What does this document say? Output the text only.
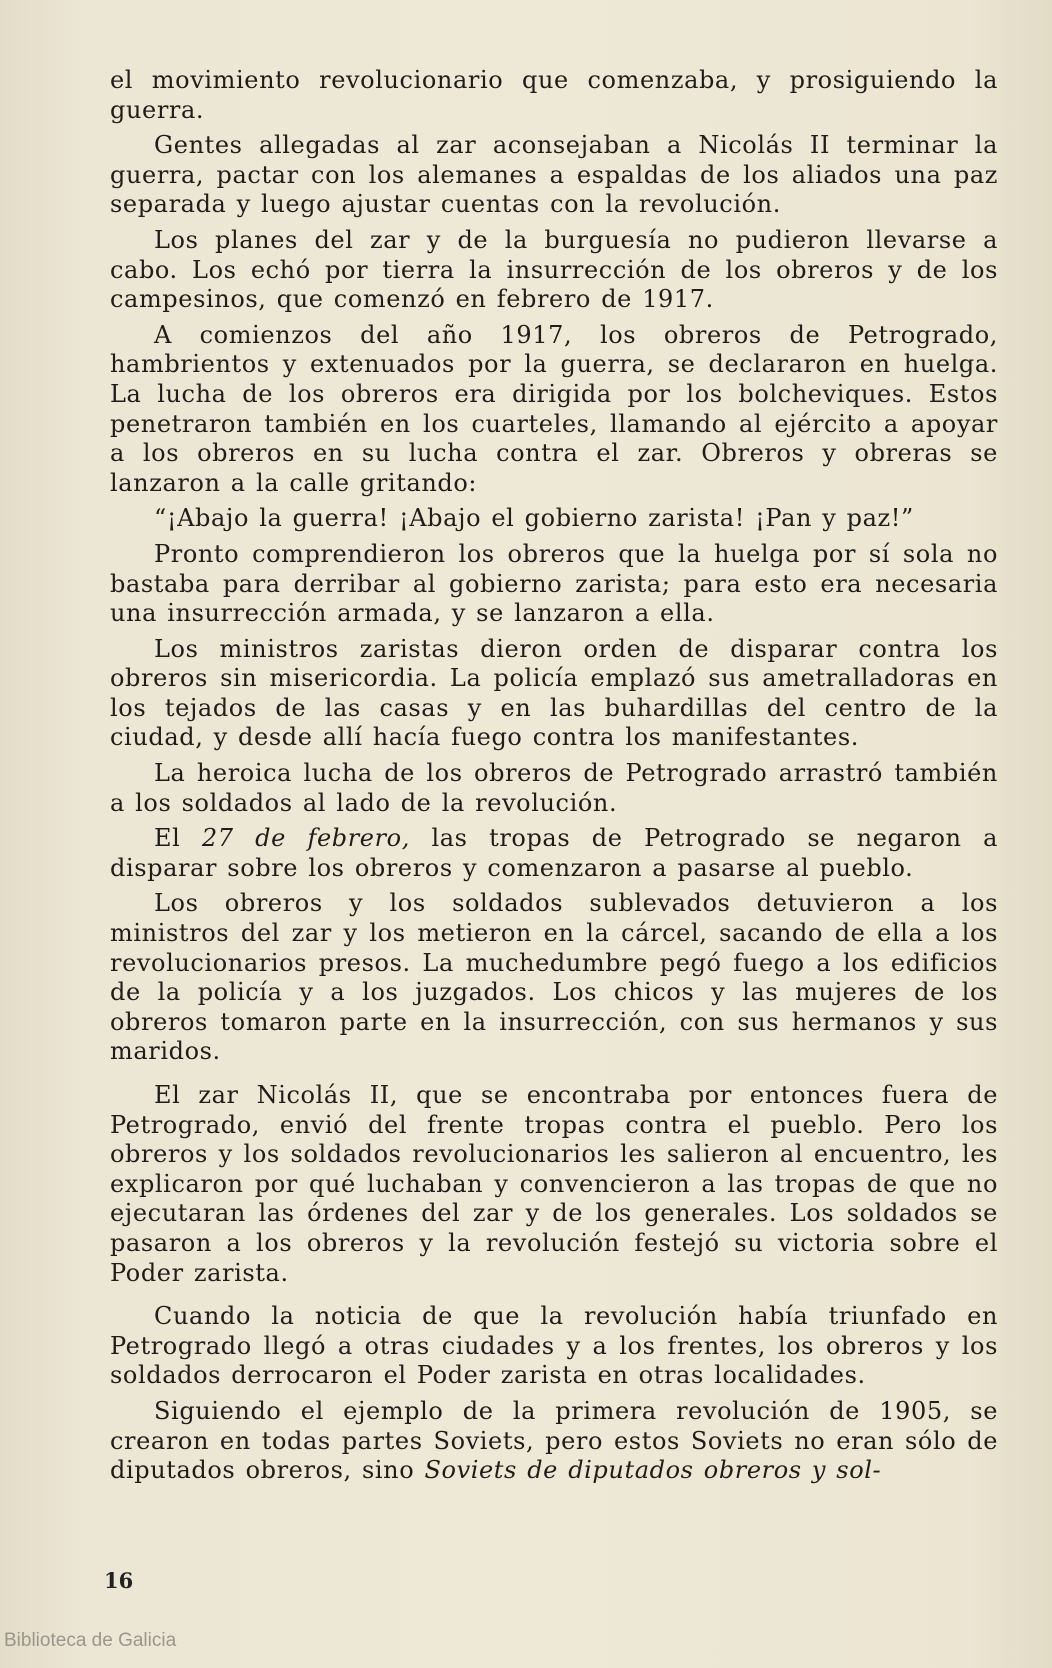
el movimiento revolucionario que comenzaba, y prosiguiendo la guerra.

Gentes allegadas al zar aconsejaban a Nicolás II terminar la guerra, pactar con los alemanes a espaldas de los aliados una paz separada y luego ajustar cuentas con la revolución.

Los planes del zar y de la burguesía no pudieron llevarse a cabo. Los echó por tierra la insurrección de los obreros y de los campesinos, que comenzó en febrero de 1917.

A comienzos del año 1917, los obreros de Petrogrado, hambrientos y extenuados por la guerra, se declararon en huelga. La lucha de los obreros era dirigida por los bolcheviques. Estos penetraron también en los cuarteles, llamando al ejército a apoyar a los obreros en su lucha contra el zar. Obreros y obreras se lanzaron a la calle gritando:

“¡Abajo la guerra! ¡Abajo el gobierno zarista! ¡Pan y paz!”

Pronto comprendieron los obreros que la huelga por sí sola no bastaba para derribar al gobierno zarista; para esto era necesaria una insurrección armada, y se lanzaron a ella.

Los ministros zaristas dieron orden de disparar contra los obreros sin misericordia. La policía emplazó sus ametralladoras en los tejados de las casas y en las buhardillas del centro de la ciudad, y desde allí hacía fuego contra los manifestantes.

La heroica lucha de los obreros de Petrogrado arrastró también a los soldados al lado de la revolución.

El 27 de febrero, las tropas de Petrogrado se negaron a disparar sobre los obreros y comenzaron a pasarse al pueblo.

Los obreros y los soldados sublevados detuvieron a los ministros del zar y los metieron en la cárcel, sacando de ella a los revolucionarios presos. La muchedumbre pegó fuego a los edificios de la policía y a los juzgados. Los chicos y las mujeres de los obreros tomaron parte en la insurrección, con sus hermanos y sus maridos.

El zar Nicolás II, que se encontraba por entonces fuera de Petrogrado, envió del frente tropas contra el pueblo. Pero los obreros y los soldados revolucionarios les salieron al encuentro, les explicaron por qué luchaban y convencieron a las tropas de que no ejecutaran las órdenes del zar y de los generales. Los soldados se pasaron a los obreros y la revolución festejó su victoria sobre el Poder zarista.

Cuando la noticia de que la revolución había triunfado en Petrogrado llegó a otras ciudades y a los frentes, los obreros y los soldados derrocaron el Poder zarista en otras localidades.

Siguiendo el ejemplo de la primera revolución de 1905, se crearon en todas partes Soviets, pero estos Soviets no eran sólo de diputados obreros, sino Soviets de diputados obreros y sol-

16
Biblioteca de Galicia
